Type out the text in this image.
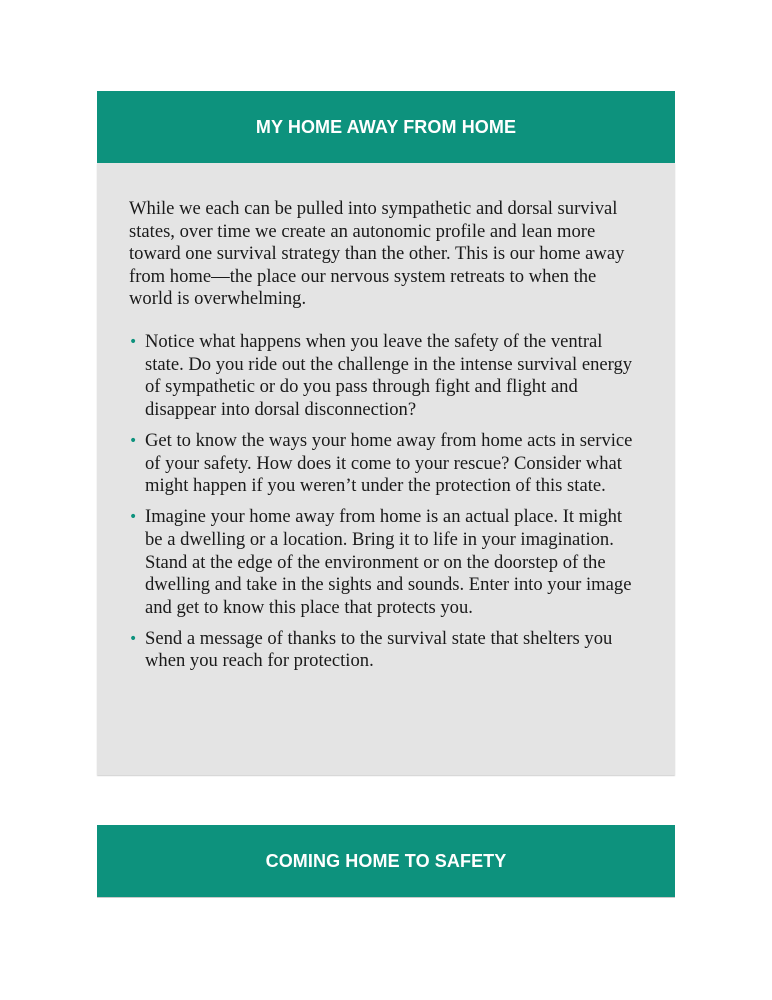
MY HOME AWAY FROM HOME

While we each can be pulled into sympathetic and dorsal survival states, over time we create an autonomic profile and lean more toward one survival strategy than the other. This is our home away from home—the place our nervous system retreats to when the world is overwhelming.

• Notice what happens when you leave the safety of the ventral state. Do you ride out the challenge in the intense survival energy of sympathetic or do you pass through fight and flight and disappear into dorsal disconnection?
• Get to know the ways your home away from home acts in service of your safety. How does it come to your rescue? Consider what might happen if you weren’t under the protection of this state.
• Imagine your home away from home is an actual place. It might be a dwelling or a location. Bring it to life in your imagination. Stand at the edge of the environment or on the doorstep of the dwelling and take in the sights and sounds. Enter into your image and get to know this place that protects you.
• Send a message of thanks to the survival state that shelters you when you reach for protection.
COMING HOME TO SAFETY
